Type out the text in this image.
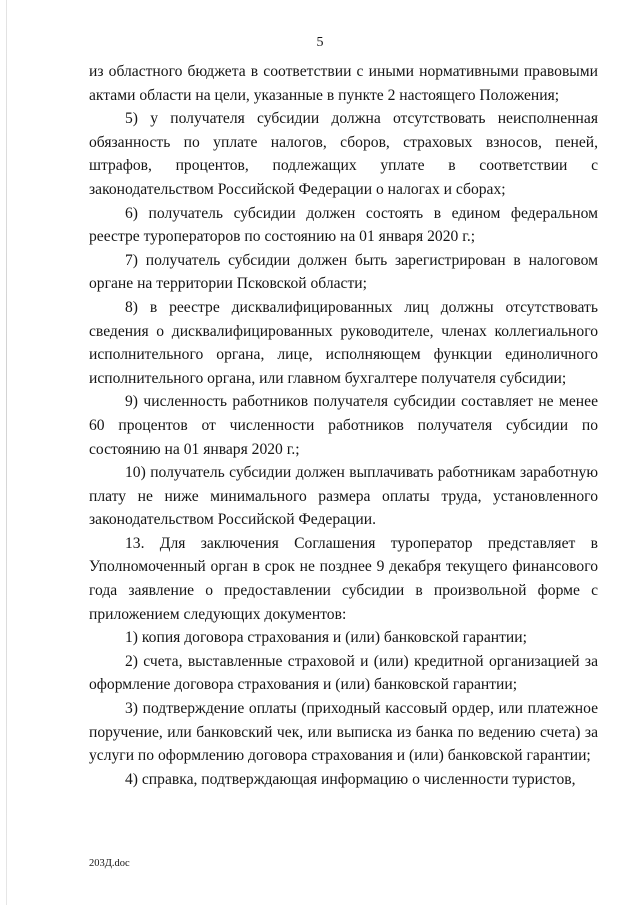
5

из областного бюджета в соответствии с иными нормативными правовыми актами области на цели, указанные в пункте 2 настоящего Положения;

5) у получателя субсидии должна отсутствовать неисполненная обязанность по уплате налогов, сборов, страховых взносов, пеней, штрафов, процентов, подлежащих уплате в соответствии с законодательством Российской Федерации о налогах и сборах;

6) получатель субсидии должен состоять в едином федеральном реестре туроператоров по состоянию на 01 января 2020 г.;

7) получатель субсидии должен быть зарегистрирован в налоговом органе на территории Псковской области;

8) в реестре дисквалифицированных лиц должны отсутствовать сведения о дисквалифицированных руководителе, членах коллегиального исполнительного органа, лице, исполняющем функции единоличного исполнительного органа, или главном бухгалтере получателя субсидии;

9) численность работников получателя субсидии составляет не менее 60 процентов от численности работников получателя субсидии по состоянию на 01 января 2020 г.;

10) получатель субсидии должен выплачивать работникам заработную плату не ниже минимального размера оплаты труда, установленного законодательством Российской Федерации.

13. Для заключения Соглашения туроператор представляет в Уполномоченный орган в срок не позднее 9 декабря текущего финансового года заявление о предоставлении субсидии в произвольной форме с приложением следующих документов:

1) копия договора страхования и (или) банковской гарантии;

2) счета, выставленные страховой и (или) кредитной организацией за оформление договора страхования и (или) банковской гарантии;

3) подтверждение оплаты (приходный кассовый ордер, или платежное поручение, или банковский чек, или выписка из банка по ведению счета) за услуги по оформлению договора страхования и (или) банковской гарантии;

4) справка, подтверждающая информацию о численности туристов,

203Д.doc
